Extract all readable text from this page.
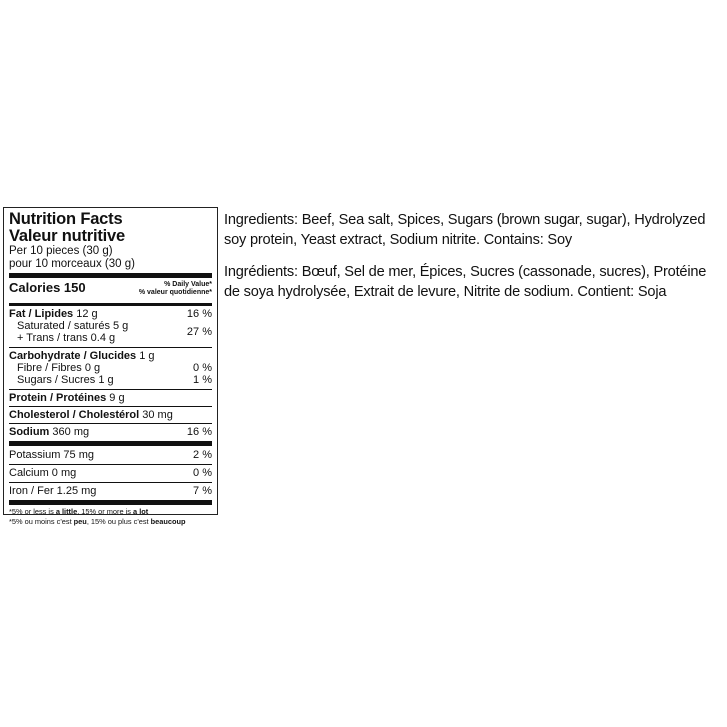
Nutrition Facts
Valeur nutritive
Per 10 pieces (30 g)
pour 10 morceaux (30 g)
Calories 150	% Daily Value*
% valeur quotidienne*
Fat / Lipides 12 g	16 %
Saturated / saturés 5 g
+ Trans / trans 0.4 g	27 %
Carbohydrate / Glucides 1 g
Fibre / Fibres 0 g	0 %
Sugars / Sucres 1 g	1 %
Protein / Protéines 9 g
Cholesterol / Cholestérol 30 mg
Sodium 360 mg	16 %
Potassium 75 mg	2 %
Calcium 0 mg	0 %
Iron / Fer 1.25 mg	7 %
*5% or less is a little, 15% or more is a lot
*5% ou moins c'est peu, 15% ou plus c'est beaucoup

Ingredients: Beef, Sea salt, Spices, Sugars (brown sugar, sugar), Hydrolyzed soy protein, Yeast extract, Sodium nitrite. Contains: Soy

Ingrédients: Bœuf, Sel de mer, Épices, Sucres (cassonade, sucres), Protéine de soya hydrolysée, Extrait de levure, Nitrite de sodium. Contient: Soja
